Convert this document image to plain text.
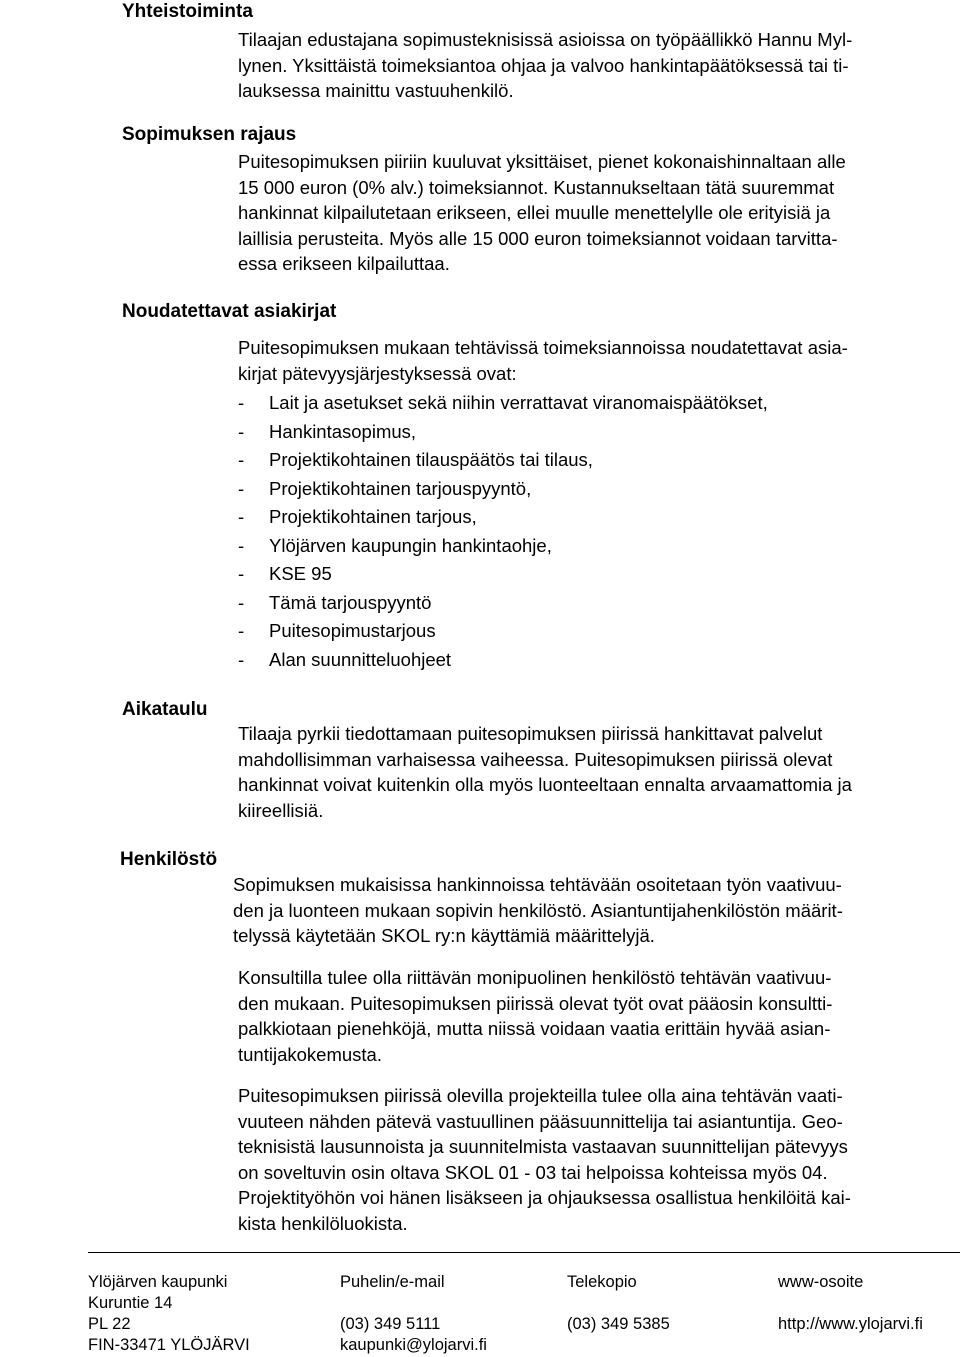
Yhteistoiminta

Tilaajan edustajana sopimusteknisissä asioissa on työpäällikkö Hannu Myl-
lynen. Yksittäistä toimeksiantoa ohjaa ja valvoo hankintapäätöksessä tai ti-
lauksessa mainittu vastuuhenkilö.

Sopimuksen rajaus

Puitesopimuksen piiriin kuuluvat yksittäiset, pienet kokonaishinnaltaan alle
15 000 euron (0% alv.) toimeksiannot. Kustannukseltaan tätä suuremmat
hankinnat kilpailutetaan erikseen, ellei muulle menettelylle ole erityisiä ja
laillisia perusteita. Myös alle 15 000 euron toimeksiannot voidaan tarvitta-
essa erikseen kilpailuttaa.

Noudatettavat asiakirjat

Puitesopimuksen mukaan tehtävissä toimeksiannoissa noudatettavat asia-
kirjat pätevyysjärjestyksessä ovat:

- Lait ja asetukset sekä niihin verrattavat viranomaispäätökset,
- Hankintasopimus,
- Projektikohtainen tilauspäätös tai tilaus,
- Projektikohtainen tarjouspyyntö,
- Projektikohtainen tarjous,
- Ylöjärven kaupungin hankintaohje,
- KSE 95
- Tämä tarjouspyyntö
- Puitesopimustarjous
- Alan suunnitteluohjeet
Aikataulu

Tilaaja pyrkii tiedottamaan puitesopimuksen piirissä hankittavat palvelut
mahdollisimman varhaisessa vaiheessa. Puitesopimuksen piirissä olevat
hankinnat voivat kuitenkin olla myös luonteeltaan ennalta arvaamattomia ja
kiireellisiä.

Henkilöstö

Sopimuksen mukaisissa hankinnoissa tehtävään osoitetaan työn vaativuu-
den ja luonteen mukaan sopivin henkilöstö. Asiantuntijahenkilöstön määrit-
telyssä käytetään SKOL ry:n käyttämiä määrittelyjä.

Konsultilla tulee olla riittävän monipuolinen henkilöstö tehtävän vaativuu-
den mukaan. Puitesopimuksen piirissä olevat työt ovat pääosin konsultti-
palkkiotaan pienehköjä, mutta niissä voidaan vaatia erittäin hyvää asian-
tuntijakokemusta.

Puitesopimuksen piirissä olevilla projekteilla tulee olla aina tehtävän vaati-
vuuteen nähden pätevä vastuullinen pääsuunnittelija tai asiantuntija. Geo-
teknisistä lausunnoista ja suunnitelmista vastaavan suunnittelijan pätevyys
on soveltuvin osin oltava SKOL 01 - 03 tai helpoissa kohteissa myös 04.
Projektityöhön voi hänen lisäkseen ja ohjauksessa osallistua henkilöitä kai-
kista henkilöluokista.

Ylöjärven kaupunki
Kuruntie 14
PL 22
FIN-33471 YLÖJÄRVI
Puhelin/e-mail
(03) 349 5111
kaupunki@ylojarvi.fi
Telekopio
(03) 349 5385
www-osoite
http://www.ylojarvi.fi
